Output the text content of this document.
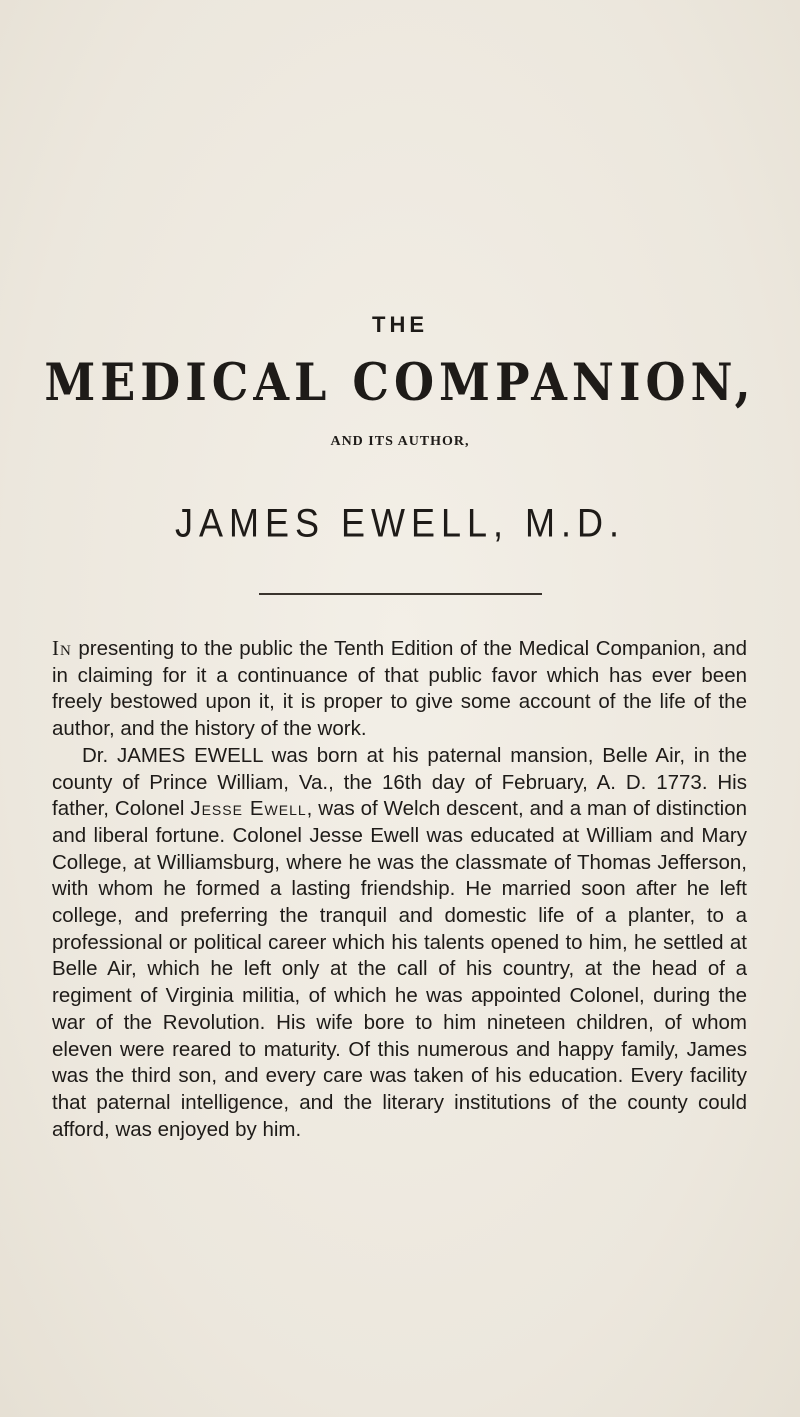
THE
MEDICAL COMPANION,
AND ITS AUTHOR,
JAMES EWELL, M.D.

In presenting to the public the Tenth Edition of the Medical Companion, and in claiming for it a continuance of that public favor which has ever been freely bestowed upon it, it is proper to give some account of the life of the author, and the history of the work.

Dr. JAMES EWELL was born at his paternal mansion, Belle Air, in the county of Prince William, Va., the 16th day of February, A. D. 1773. His father, Colonel Jesse Ewell, was of Welch descent, and a man of distinction and liberal fortune. Colonel Jesse Ewell was educated at William and Mary College, at Williamsburg, where he was the classmate of Thomas Jefferson, with whom he formed a lasting friendship. He married soon after he left college, and preferring the tranquil and domestic life of a planter, to a professional or political career which his talents opened to him, he settled at Belle Air, which he left only at the call of his country, at the head of a regiment of Virginia militia, of which he was appointed Colonel, during the war of the Revolution. His wife bore to him nineteen children, of whom eleven were reared to maturity. Of this numerous and happy family, James was the third son, and every care was taken of his education. Every facility that paternal intelligence, and the literary institutions of the county could afford, was enjoyed by him.
